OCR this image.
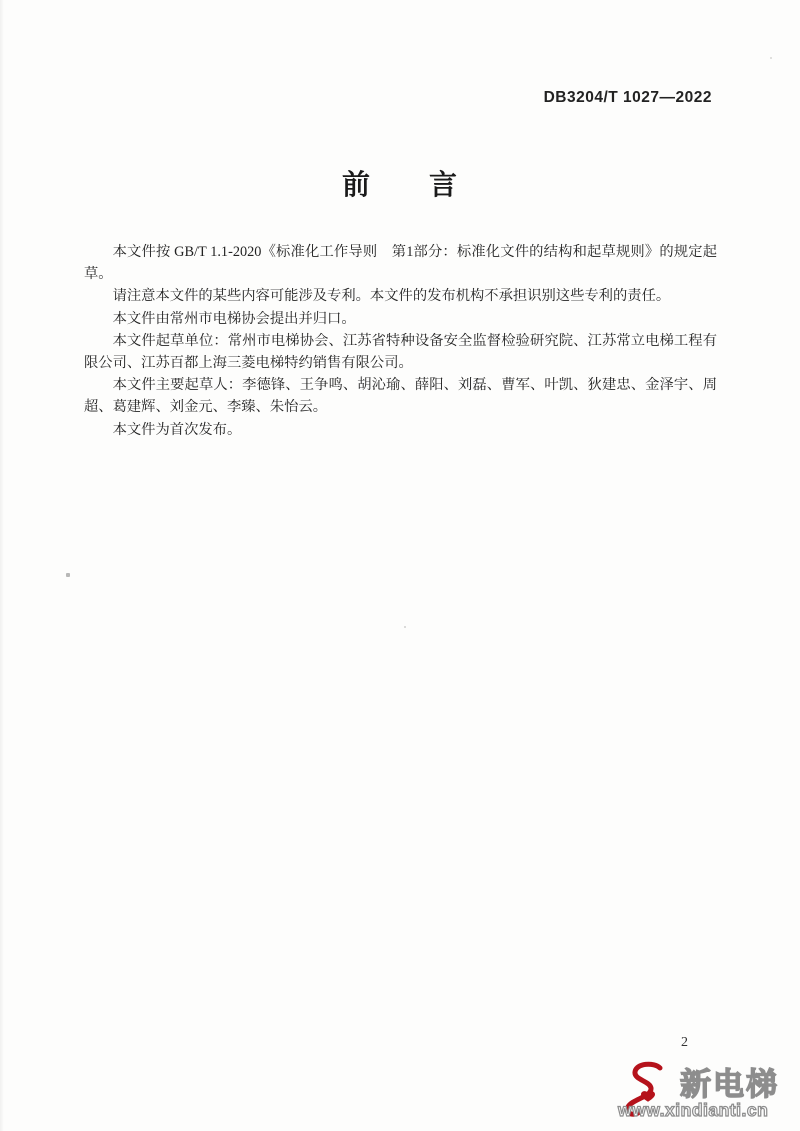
DB3204/T 1027—2022
前　　言

本文件按 GB/T 1.1-2020《标准化工作导则　第1部分：标准化文件的结构和起草规则》的规定起草。

请注意本文件的某些内容可能涉及专利。本文件的发布机构不承担识别这些专利的责任。

本文件由常州市电梯协会提出并归口。

本文件起草单位：常州市电梯协会、江苏省特种设备安全监督检验研究院、江苏常立电梯工程有限公司、江苏百都上海三菱电梯特约销售有限公司。

本文件主要起草人：李德锋、王争鸣、胡沁瑜、薛阳、刘磊、曹军、叶凯、狄建忠、金泽宇、周超、葛建辉、刘金元、李臻、朱怡云。

本文件为首次发布。

2
新电梯
www.xindianti.cn
